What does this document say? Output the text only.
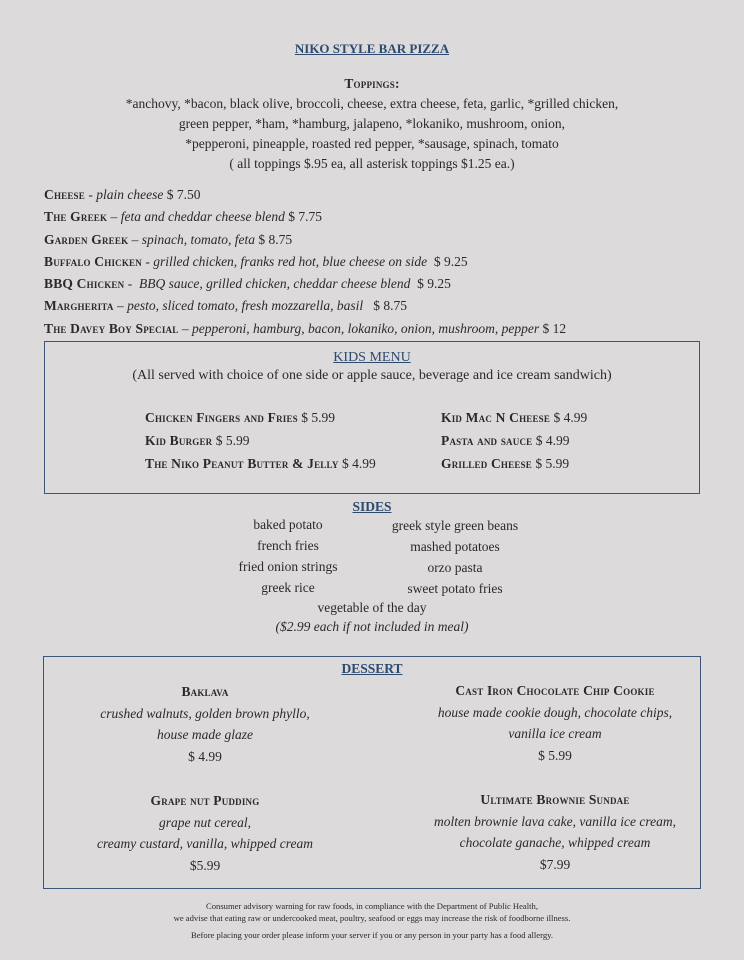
NIKO STYLE BAR PIZZA
Toppings:
*anchovy, *bacon, black olive, broccoli, cheese, extra cheese, feta, garlic, *grilled chicken,
green pepper, *ham, *hamburg, jalapeno, *lokaniko, mushroom, onion,
*pepperoni, pineapple, roasted red pepper, *sausage, spinach, tomato
( all toppings $.95 ea, all asterisk toppings $1.25 ea.)
Cheese - plain cheese $ 7.50
The Greek – feta and cheddar cheese blend $ 7.75
Garden Greek – spinach, tomato, feta $ 8.75
Buffalo Chicken - grilled chicken, franks red hot, blue cheese on side  $ 9.25
BBQ Chicken -  BBQ sauce, grilled chicken, cheddar cheese blend  $ 9.25
Margherita – pesto, sliced tomato, fresh mozzarella, basil   $ 8.75
The Davey Boy Special – pepperoni, hamburg, bacon, lokaniko, onion, mushroom, pepper $ 12
KIDS MENU
(All served with choice of one side or apple sauce, beverage and ice cream sandwich)
Chicken Fingers and Fries $ 5.99
Kid Burger $ 5.99
The Niko Peanut Butter & Jelly $ 4.99
Kid Mac N Cheese $ 4.99
Pasta and sauce $ 4.99
Grilled Cheese $ 5.99
SIDES
baked potato
french fries
fried onion strings
greek rice
greek style green beans
mashed potatoes
orzo pasta
sweet potato fries
vegetable of the day
($2.99 each if not included in meal)
DESSERT
Baklava
crushed walnuts, golden brown phyllo,
house made glaze
$ 4.99
Cast Iron Chocolate Chip Cookie
house made cookie dough, chocolate chips,
vanilla ice cream
$ 5.99
Grape nut Pudding
grape nut cereal,
creamy custard, vanilla, whipped cream
$5.99
Ultimate Brownie Sundae
molten brownie lava cake, vanilla ice cream,
chocolate ganache, whipped cream
$7.99
Consumer advisory warning for raw foods, in compliance with the Department of Public Health,
we advise that eating raw or undercooked meat, poultry, seafood or eggs may increase the risk of foodborne illness.
Before placing your order please inform your server if you or any person in your party has a food allergy.
